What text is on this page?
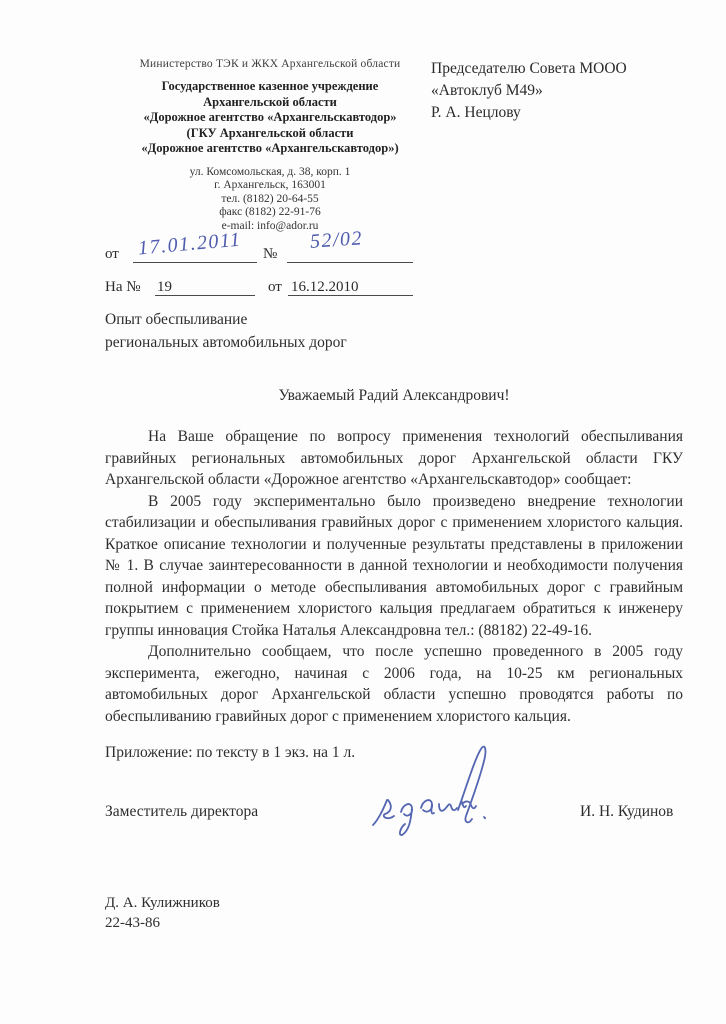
Министерство ТЭК и ЖКХ Архангельской области
Государственное казенное учреждение
Архангельской области
«Дорожное агентство «Архангельскавтодор»
(ГКУ Архангельской области
«Дорожное агентство «Архангельскавтодор»)
ул. Комсомольская, д. 38, корп. 1
г. Архангельск, 163001
тел. (8182) 20-64-55
факс (8182) 22-91-76
e-mail: info@ador.ru
Председателю Совета МООО
«Автоклуб М49»
Р. А. Нецлову
от 17.01.2011 №
52/02
На № 19	от 16.12.2010
Опыт обеспыливание
региональных автомобильных дорог
Уважаемый Радий Александрович!

На Ваше обращение по вопросу применения технологий обеспыливания гравийных региональных автомобильных дорог Архангельской области ГКУ Архангельской области «Дорожное агентство «Архангельскавтодор» сообщает:

В 2005 году экспериментально было произведено внедрение технологии стабилизации и обеспыливания гравийных дорог с применением хлористого кальция. Краткое описание технологии и полученные результаты представлены в приложении № 1. В случае заинтересованности в данной технологии и необходимости получения полной информации о методе обеспыливания автомобильных дорог с гравийным покрытием с применением хлористого кальция предлагаем обратиться к инженеру группы инновация Стойка Наталья Александровна тел.: (88182) 22-49-16.

Дополнительно сообщаем, что после успешно проведенного в 2005 году эксперимента, ежегодно, начиная с 2006 года, на 10-25 км региональных автомобильных дорог Архангельской области успешно проводятся работы по обеспыливанию гравийных дорог с применением хлористого кальция.

Приложение: по тексту в 1 экз. на 1 л.
Заместитель директора	И. Н. Кудинов
Д. А. Кулижников
22-43-86
